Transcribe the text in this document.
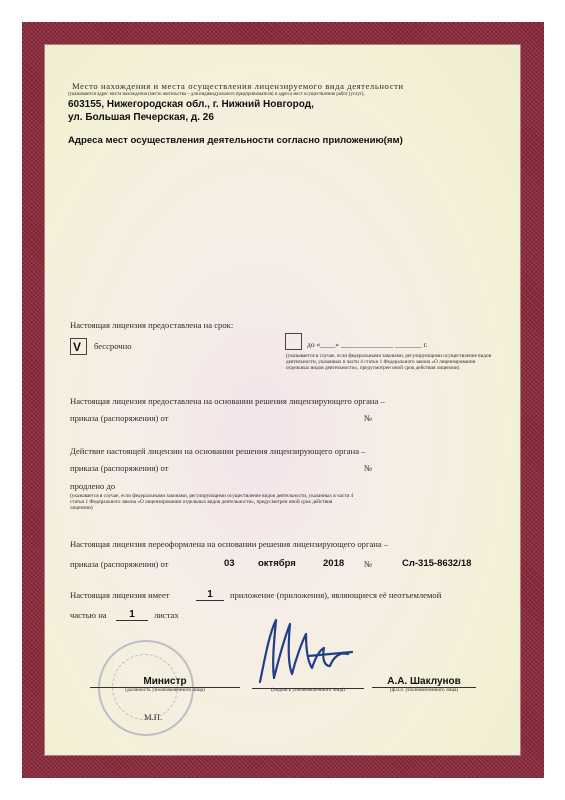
Место нахождения и места осуществления лицензируемого вида деятельности
(указываются адрес места нахождения (место жительства – для индивидуального предпринимателя) и адреса мест осуществления работ (услуг),
603155, Нижегородская обл., г. Нижний Новгород,
ул. Большая Печерская, д. 26
Адреса мест осуществления деятельности согласно приложению(ям)
Настоящая лицензия предоставлена на срок:
V бессрочно	до «____» ______________ _______ г.
(указывается в случае, если федеральными законами, регулирующими осуществление видов деятельности, указанных в части 4 статьи 1 Федерального закона «О лицензировании отдельных видов деятельности», предусмотрен иной срок действия лицензии)
Настоящая лицензия предоставлена на основании решения лицензирующего органа –
приказа (распоряжения) от	№
Действие настоящей лицензии на основании решения лицензирующего органа –
приказа (распоряжения) от	№
продлено до
(указывается в случае, если федеральными законами, регулирующими осуществление видов деятельности, указанных в части 4 статьи 1 Федерального закона «О лицензировании отдельных видов деятельности», предусмотрен иной срок действия лицензии)
Настоящая лицензия переоформлена на основании решения лицензирующего органа –
приказа (распоряжения) от	03 октября	2018 №	Сл-315-8632/18
Настоящая лицензия имеет	1	приложение (приложения), являющиеся её неотъемлемой
частью на	1	листах
Министр
(должность уполномоченного лица)	(подпись уполномоченного лица)
А.А. Шаклунов
(ф.и.о. уполномоченного лица)
М.П.
